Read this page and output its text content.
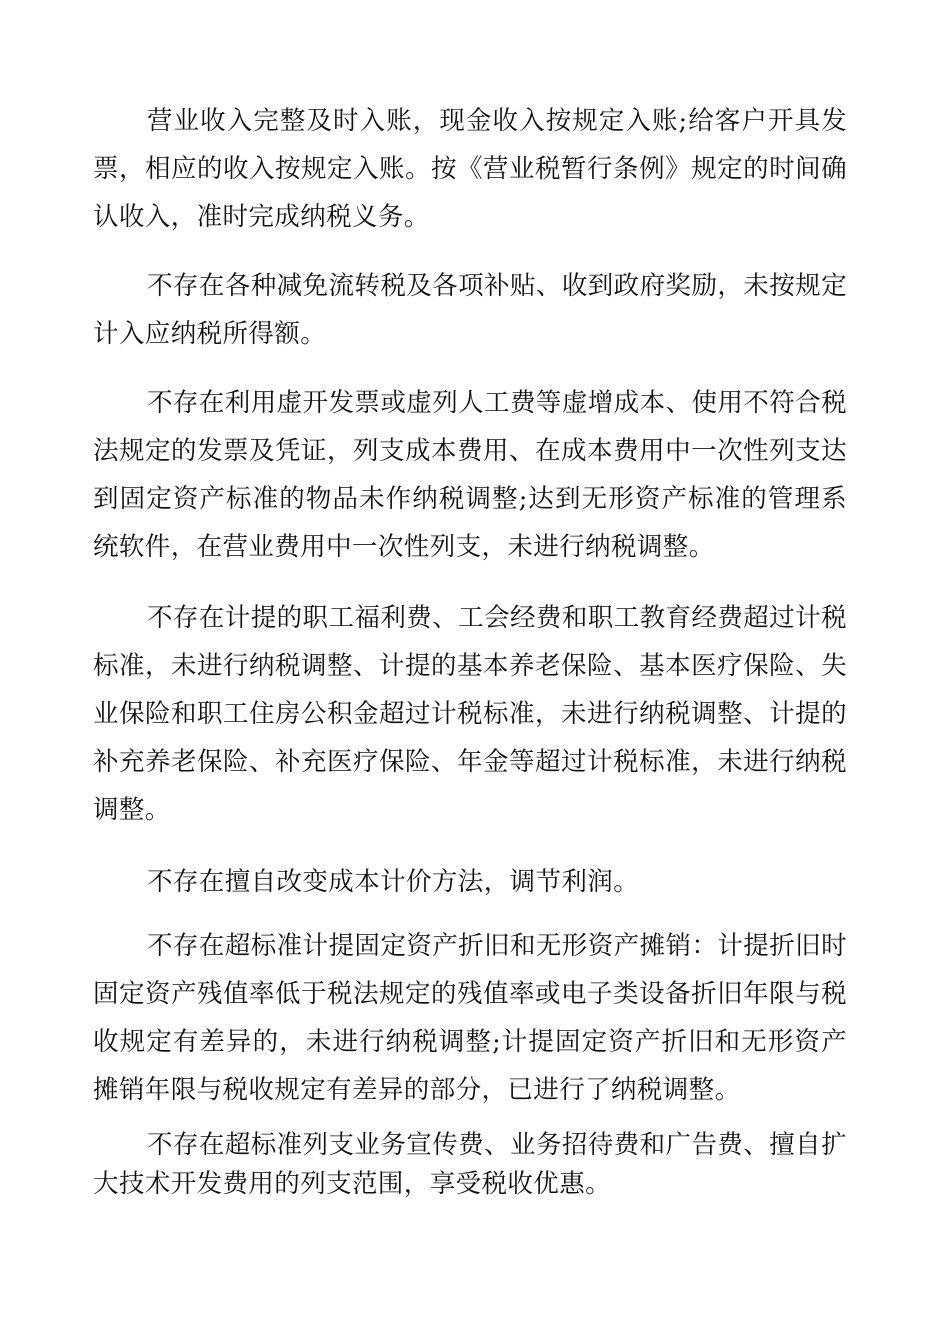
营业收入完整及时入账，现金收入按规定入账;给客户开具发票，相应的收入按规定入账。按《营业税暂行条例》规定的时间确认收入，准时完成纳税义务。

不存在各种减免流转税及各项补贴、收到政府奖励，未按规定计入应纳税所得额。

不存在利用虚开发票或虚列人工费等虚增成本、使用不符合税法规定的发票及凭证，列支成本费用、在成本费用中一次性列支达到固定资产标准的物品未作纳税调整;达到无形资产标准的管理系统软件，在营业费用中一次性列支，未进行纳税调整。

不存在计提的职工福利费、工会经费和职工教育经费超过计税标准，未进行纳税调整、计提的基本养老保险、基本医疗保险、失业保险和职工住房公积金超过计税标准，未进行纳税调整、计提的补充养老保险、补充医疗保险、年金等超过计税标准，未进行纳税调整。

不存在擅自改变成本计价方法，调节利润。

不存在超标准计提固定资产折旧和无形资产摊销：计提折旧时固定资产残值率低于税法规定的残值率或电子类设备折旧年限与税收规定有差异的，未进行纳税调整;计提固定资产折旧和无形资产摊销年限与税收规定有差异的部分，已进行了纳税调整。

不存在超标准列支业务宣传费、业务招待费和广告费、擅自扩大技术开发费用的列支范围，享受税收优惠。
